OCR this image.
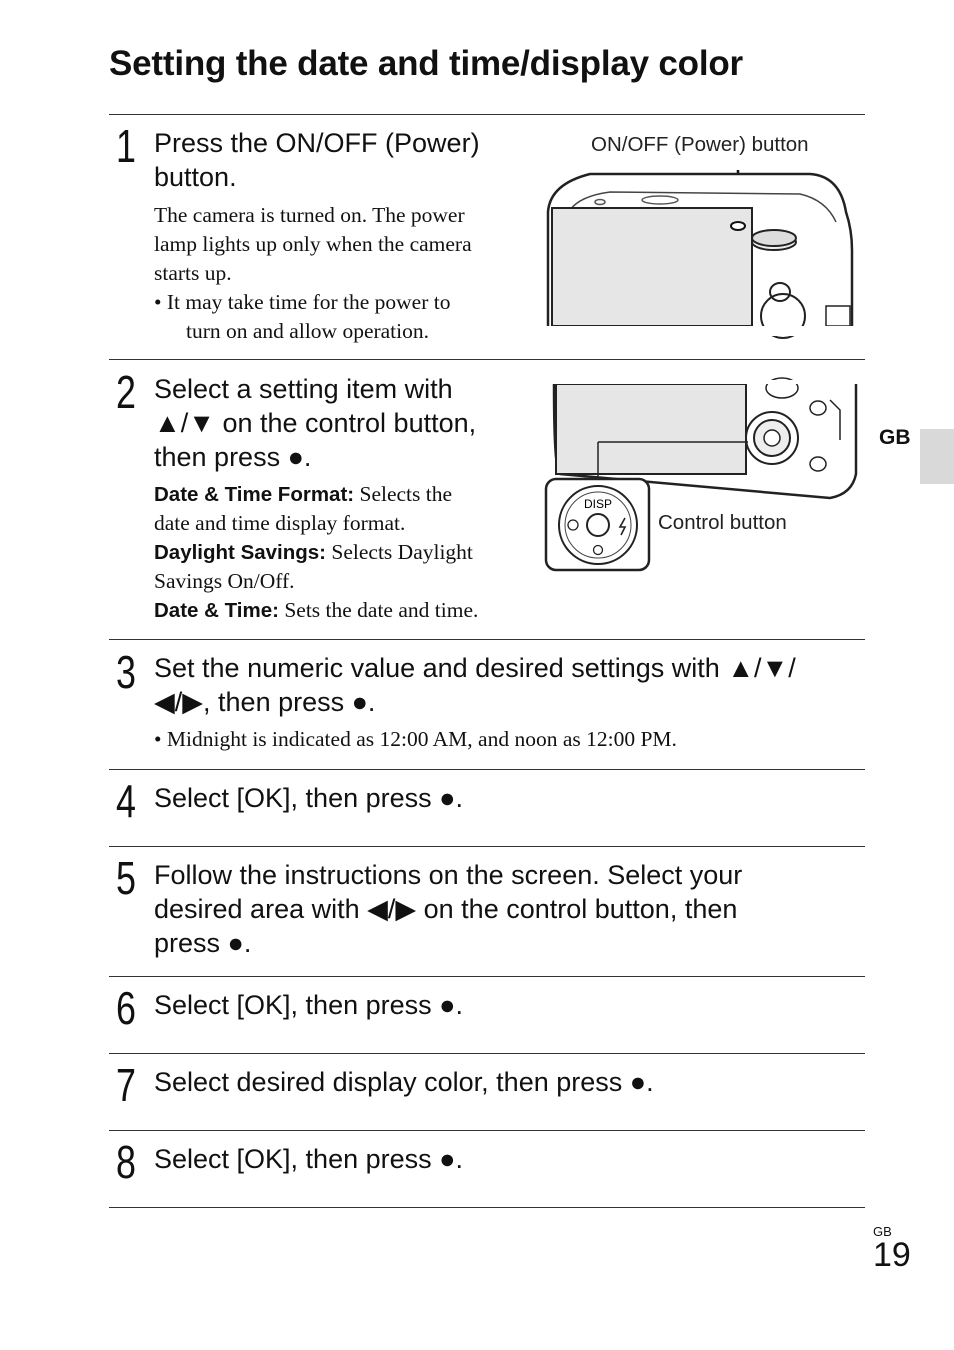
Setting the date and time/display color
1 Press the ON/OFF (Power)
button.
The camera is turned on. The power
lamp lights up only when the camera
starts up.
• It may take time for the power to
turn on and allow operation.
ON/OFF (Power) button
2 Select a setting item with
▲/▼ on the control button,
then press ●.
Date & Time Format: Selects the
date and time display format.
Daylight Savings: Selects Daylight
Savings On/Off.
Date & Time: Sets the date and time.
DISP
Control button
3 Set the numeric value and desired settings with ▲/▼/
◀/▶, then press ●.
• Midnight is indicated as 12:00 AM, and noon as 12:00 PM.
4 Select [OK], then press ●.
5 Follow the instructions on the screen. Select your
desired area with ◀/▶ on the control button, then
press ●.
6 Select [OK], then press ●.
7 Select desired display color, then press ●.
8 Select [OK], then press ●.
GB
GB
19
